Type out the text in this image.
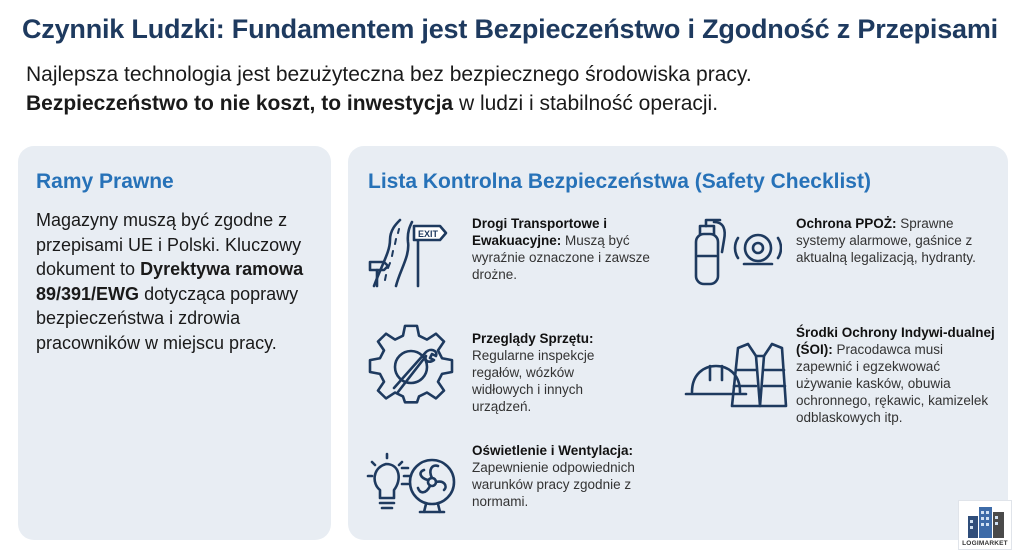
Czynnik Ludzki: Fundamentem jest Bezpieczeństwo i Zgodność z Przepisami
Najlepsza technologia jest bezużyteczna bez bezpiecznego środowiska pracy.
Bezpieczeństwo to nie koszt, to inwestycja w ludzi i stabilność operacji.
Ramy Prawne
Magazyny muszą być zgodne z przepisami UE i Polski. Kluczowy dokument to Dyrektywa ramowa 89/391/EWG dotycząca poprawy bezpieczeństwa i zdrowia pracowników w miejscu pracy.
Lista Kontrolna Bezpieczeństwa (Safety Checklist)
EXIT
Drogi Transportowe i Ewakuacyjne: Muszą być wyraźnie oznaczone i zawsze drożne.
Ochrona PPOŻ: Sprawne systemy alarmowe, gaśnice z aktualną legalizacją, hydranty.
Przeglądy Sprzętu: Regularne inspekcje regałów, wózków widłowych i innych urządzeń.
Środki Ochrony Indywi-dualnej (ŚOI): Pracodawca musi zapewnić i egzekwować używanie kasków, obuwia ochronnego, rękawic, kamizelek odblaskowych itp.
Oświetlenie i Wentylacja: Zapewnienie odpowiednich warunków pracy zgodnie z normami.
LOGIMARKET
